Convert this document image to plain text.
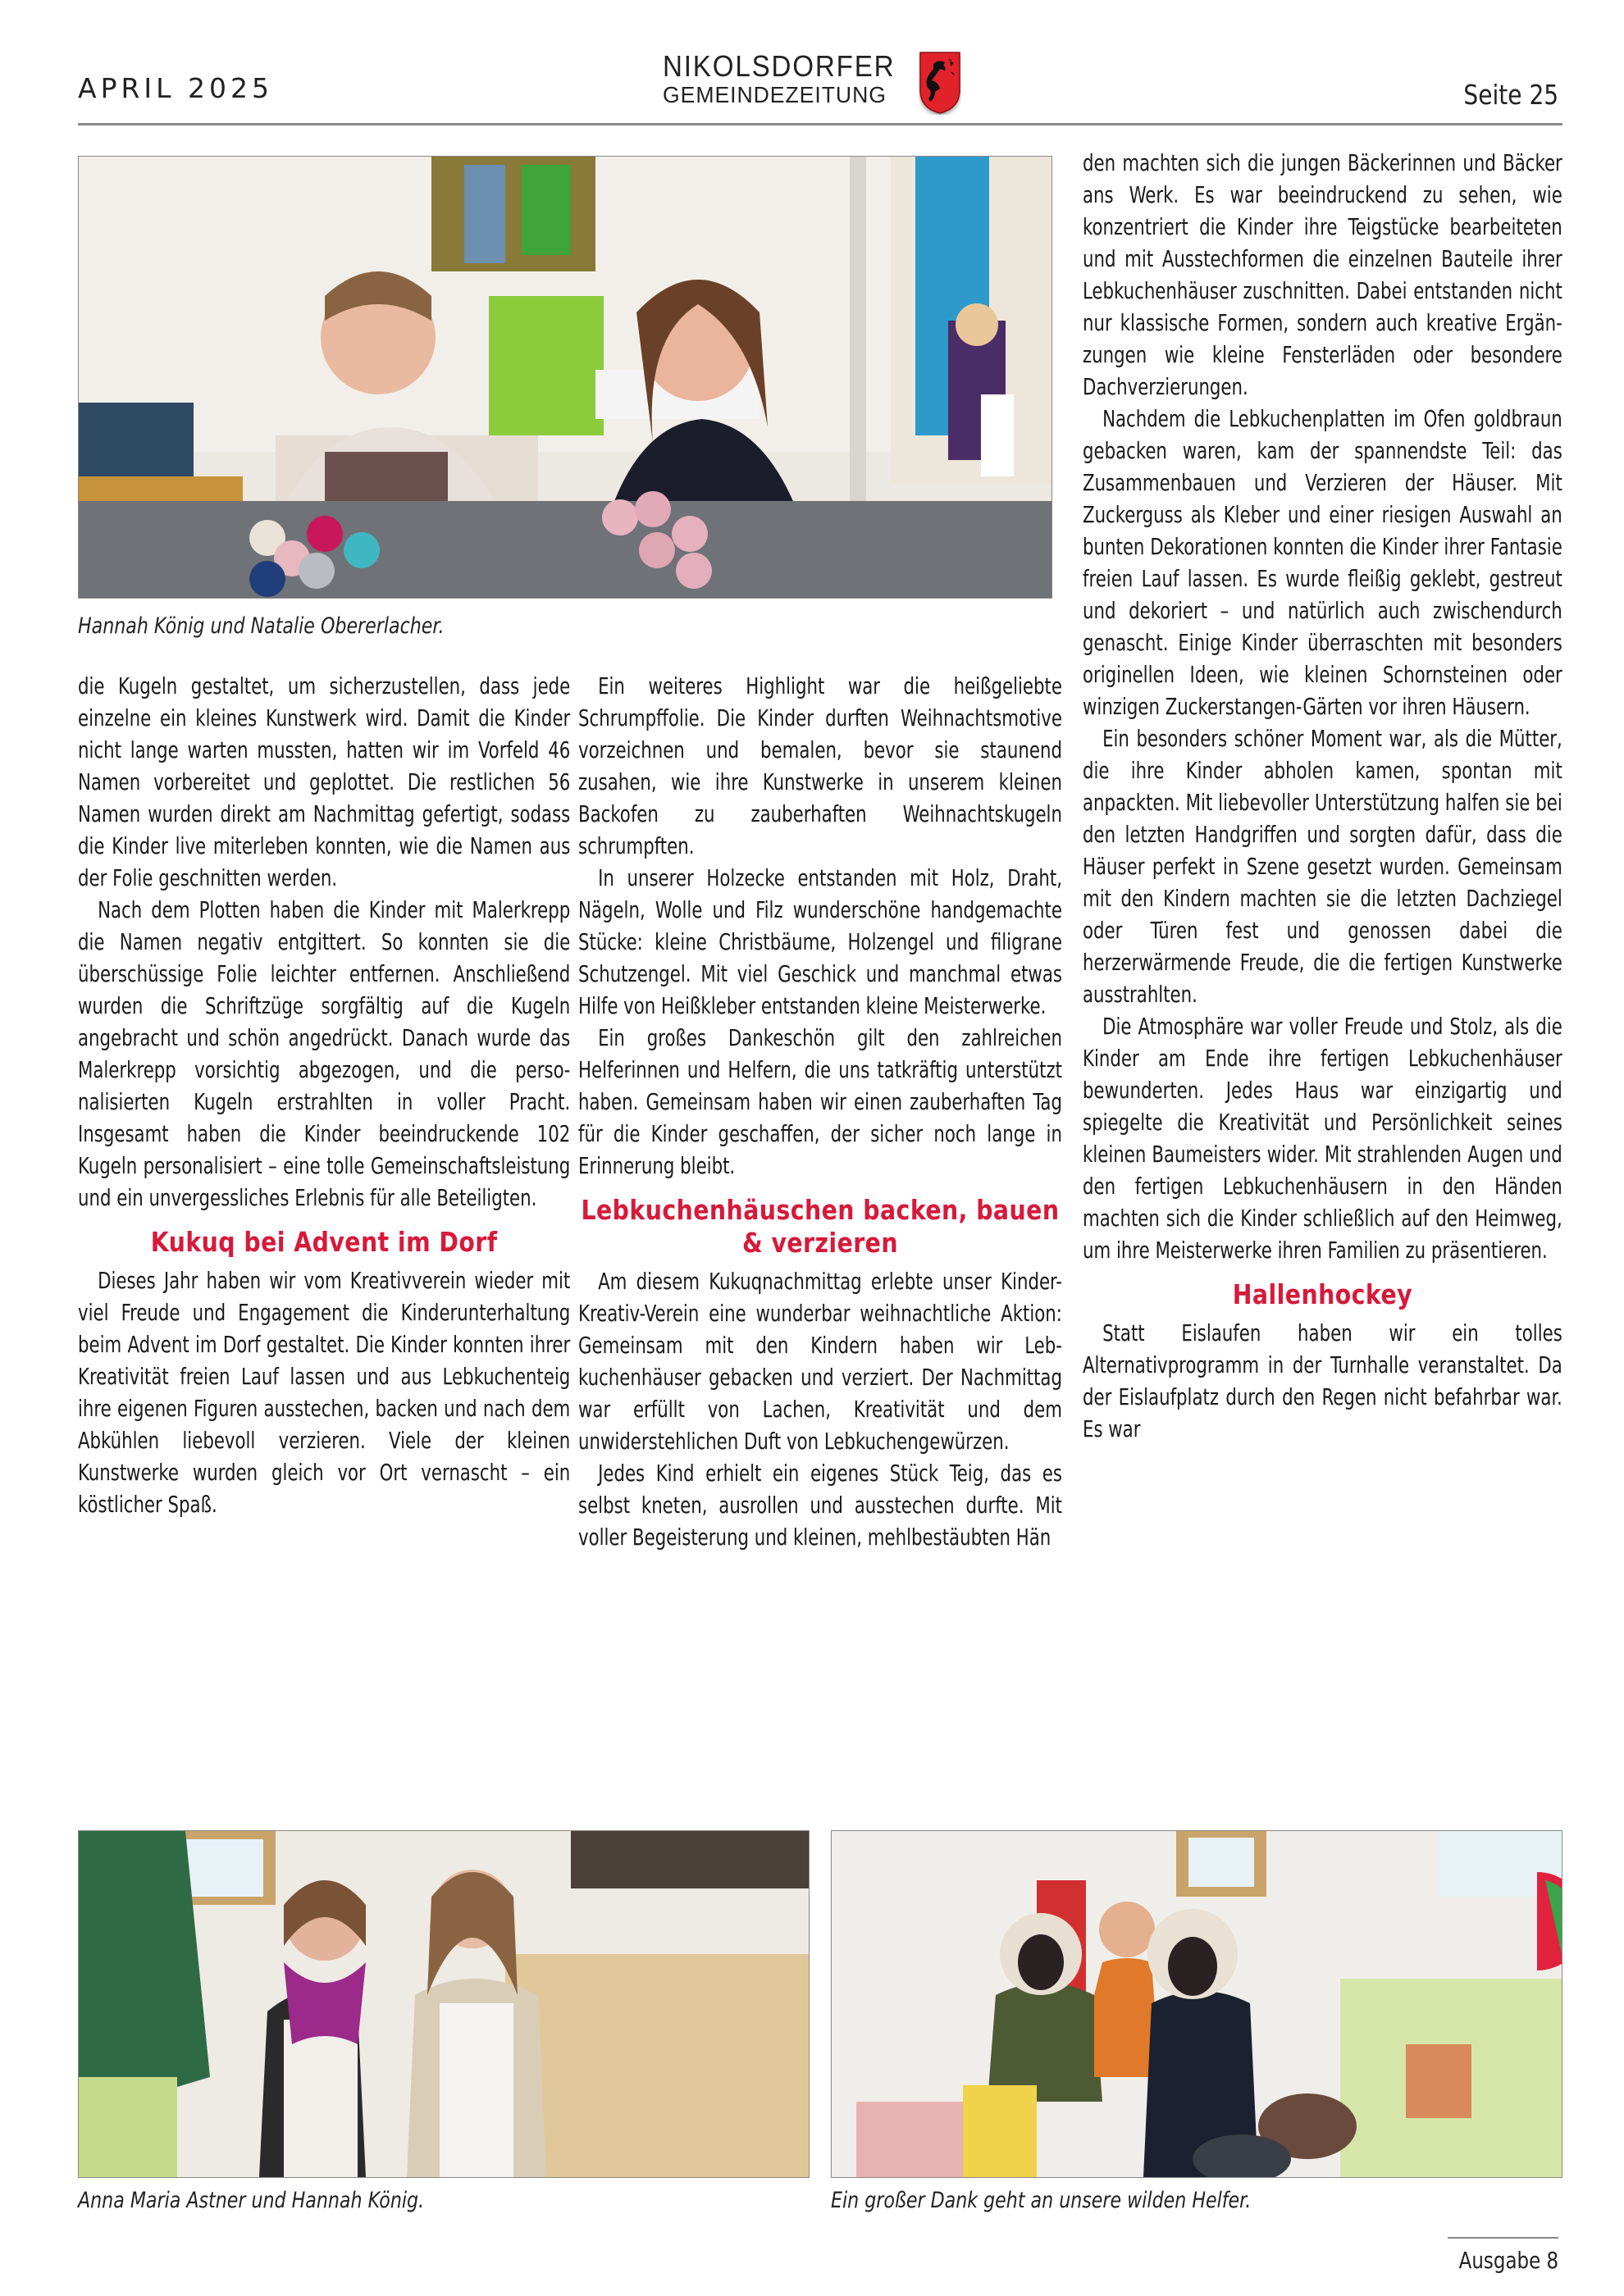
APRIL 2025
NIKOLSDORFER
GEMEINDEZEITUNG	Seite 25
Hannah König und Natalie Obererlacher.

die Kugeln gestaltet, um sicherzustellen, dass jede einzelne ein kleines Kunstwerk wird. Damit die Kinder nicht lange warten mussten, hatten wir im Vorfeld 46 Namen vorbereitet und geplottet. Die restlichen 56 Namen wurden direkt am Nachmittag gefertigt, sodass die Kinder live miterleben konnten, wie die Namen aus der Folie geschnitten werden.

Nach dem Plotten haben die Kinder mit Malerkrepp die Namen negativ entgittert. So konnten sie die überschüssige Folie leichter entfernen. Anschließend wurden die Schriftzüge sorgfältig auf die Kugeln angebracht und schön angedrückt. Danach wurde das Malerkrepp vorsichtig abgezogen, und die personalisierten Kugeln erstrahlten in voller Pracht. Insgesamt haben die Kinder beeindruckende 102 Kugeln personalisiert – eine tolle Gemeinschaftsleistung und ein unvergessliches Erlebnis für alle Beteiligten.

Kukuq bei Advent im Dorf

Dieses Jahr haben wir vom Kreativverein wieder mit viel Freude und Engagement die Kinderunterhaltung beim Advent im Dorf gestaltet. Die Kinder konnten ihrer Kreativität freien Lauf lassen und aus Lebkuchenteig ihre eigenen Figuren ausstechen, backen und nach dem Abkühlen liebevoll verzieren. Viele der kleinen Kunstwerke wurden gleich vor Ort vernascht – ein köstlicher Spaß.

Ein weiteres Highlight war die heißgeliebte Schrumpffolie. Die Kinder durften Weihnachtsmotive vorzeichnen und bemalen, bevor sie staunend zusahen, wie ihre Kunstwerke in unserem kleinen Backofen zu zauberhaften Weihnachtskugeln schrumpften.

In unserer Holzecke entstanden mit Holz, Draht, Nägeln, Wolle und Filz wunderschöne handgemachte Stücke: kleine Christbäume, Holzengel und filigrane Schutzengel. Mit viel Geschick und manchmal etwas Hilfe von Heißkleber entstanden kleine Meisterwerke.

Ein großes Dankeschön gilt den zahlreichen Helferinnen und Helfern, die uns tatkräftig unterstützt haben. Gemeinsam haben wir einen zauberhaften Tag für die Kinder geschaffen, der sicher noch lange in Erinnerung bleibt.

Lebkuchenhäuschen backen, bauen & verzieren

Am diesem Kukuqnachmittag erlebte unser Kinder-Kreativ-Verein eine wunderbar weihnachtliche Aktion: Gemeinsam mit den Kindern haben wir Lebkuchenhäuser gebacken und verziert. Der Nachmittag war erfüllt von Lachen, Kreativität und dem unwiderstehlichen Duft von Lebkuchengewürzen.

Jedes Kind erhielt ein eigenes Stück Teig, das es selbst kneten, ausrollen und ausstechen durfte. Mit voller Begeisterung und kleinen, mehlbestäubten Hän

den machten sich die jungen Bäckerinnen und Bäcker ans Werk. Es war beeindruckend zu sehen, wie konzentriert die Kinder ihre Teigstücke bearbeiteten und mit Ausstechformen die einzelnen Bauteile ihrer Lebkuchenhäuser zuschnitten. Dabei entstanden nicht nur klassische Formen, sondern auch kreative Ergänzungen wie kleine Fensterläden oder besondere Dachverzierungen.

Nachdem die Lebkuchenplatten im Ofen goldbraun gebacken waren, kam der spannendste Teil: das Zusammenbauen und Verzieren der Häuser. Mit Zuckerguss als Kleber und einer riesigen Auswahl an bunten Dekorationen konnten die Kinder ihrer Fantasie freien Lauf lassen. Es wurde fleißig geklebt, gestreut und dekoriert – und natürlich auch zwischendurch genascht. Einige Kinder überraschten mit besonders originellen Ideen, wie kleinen Schornsteinen oder winzigen Zuckerstangen-Gärten vor ihren Häusern.

Ein besonders schöner Moment war, als die Mütter, die ihre Kinder abholen kamen, spontan mit anpackten. Mit liebevoller Unterstützung halfen sie bei den letzten Handgriffen und sorgten dafür, dass die Häuser perfekt in Szene gesetzt wurden. Gemeinsam mit den Kindern machten sie die letzten Dachziegel oder Türen fest und genossen dabei die herzerwärmende Freude, die die fertigen Kunstwerke ausstrahlten.

Die Atmosphäre war voller Freude und Stolz, als die Kinder am Ende ihre fertigen Lebkuchenhäuser bewunderten. Jedes Haus war einzigartig und spiegelte die Kreativität und Persönlichkeit seines kleinen Baumeisters wider. Mit strahlenden Augen und den fertigen Lebkuchenhäusern in den Händen machten sich die Kinder schließlich auf den Heimweg, um ihre Meisterwerke ihren Familien zu präsentieren.

Hallenhockey

Statt Eislaufen haben wir ein tolles Alternativprogramm in der Turnhalle veranstaltet. Da der Eislaufplatz durch den Regen nicht befahrbar war. Es war

Anna Maria Astner und Hannah König.	Ein großer Dank geht an unsere wilden Helfer.
Ausgabe 8
